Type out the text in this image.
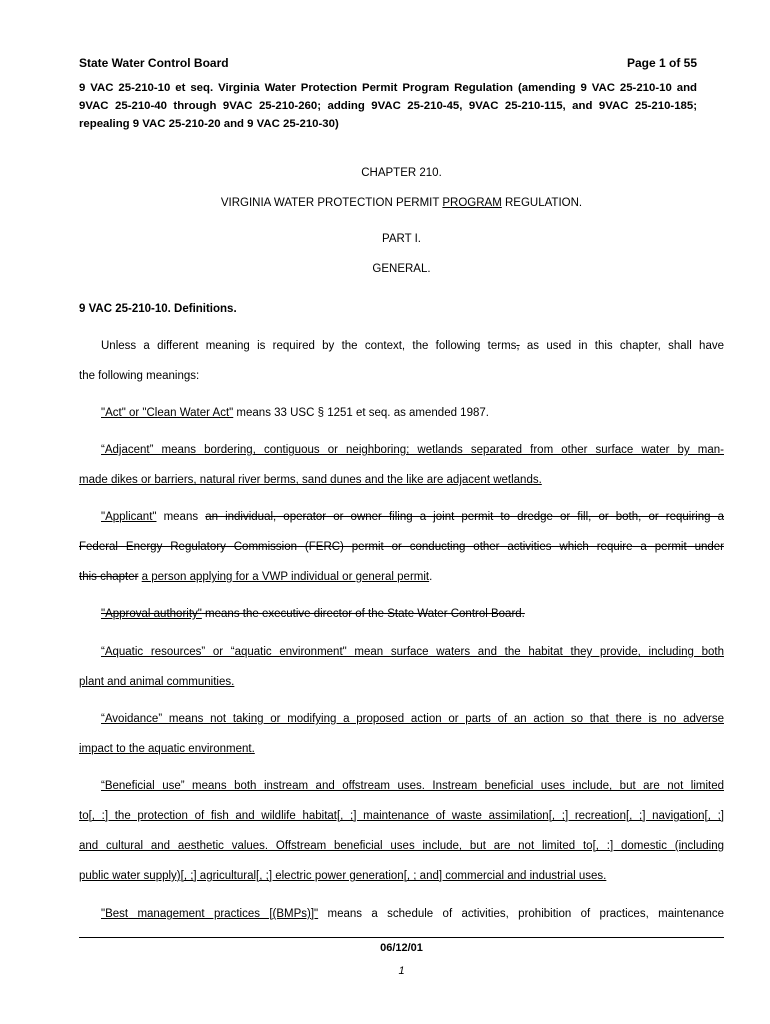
State Water Control Board	Page 1 of 55
9 VAC 25-210-10 et seq. Virginia Water Protection Permit Program Regulation (amending 9 VAC 25-210-10 and 9VAC 25-210-40 through 9VAC 25-210-260; adding 9VAC 25-210-45, 9VAC 25-210-115, and 9VAC 25-210-185; repealing 9 VAC 25-210-20 and 9 VAC 25-210-30)
CHAPTER 210.
VIRGINIA WATER PROTECTION PERMIT PROGRAM REGULATION.
PART I.
GENERAL.
9 VAC 25-210-10. Definitions.
Unless a different meaning is required by the context, the following terms, as used in this chapter, shall have
the following meanings:
"Act" or "Clean Water Act" means 33 USC § 1251 et seq. as amended 1987.
“Adjacent” means bordering, contiguous or neighboring; wetlands separated from other surface water by man-
made dikes or barriers, natural river berms, sand dunes and the like are adjacent wetlands.
"Applicant" means an individual, operator or owner filing a joint permit to dredge or fill, or both, or requiring a
Federal Energy Regulatory Commission (FERC) permit or conducting other activities which require a permit under
this chapter a person applying for a VWP individual or general permit.
"Approval authority" means the executive director of the State Water Control Board.
“Aquatic resources” or “aquatic environment" mean surface waters and the habitat they provide, including both
plant and animal communities.
“Avoidance” means not taking or modifying a proposed action or parts of an action so that there is no adverse
impact to the aquatic environment.
“Beneficial use” means both instream and offstream uses. Instream beneficial uses include, but are not limited
to[, :] the protection of fish and wildlife habitat[, ;] maintenance of waste assimilation[, ;] recreation[, ;] navigation[, ;]
and cultural and aesthetic values. Offstream beneficial uses include, but are not limited to[, :] domestic (including
public water supply)[, ;] agricultural[, ;] electric power generation[, ; and] commercial and industrial uses.
"Best management practices [(BMPs)]" means a schedule of activities, prohibition of practices, maintenance
06/12/01
1
